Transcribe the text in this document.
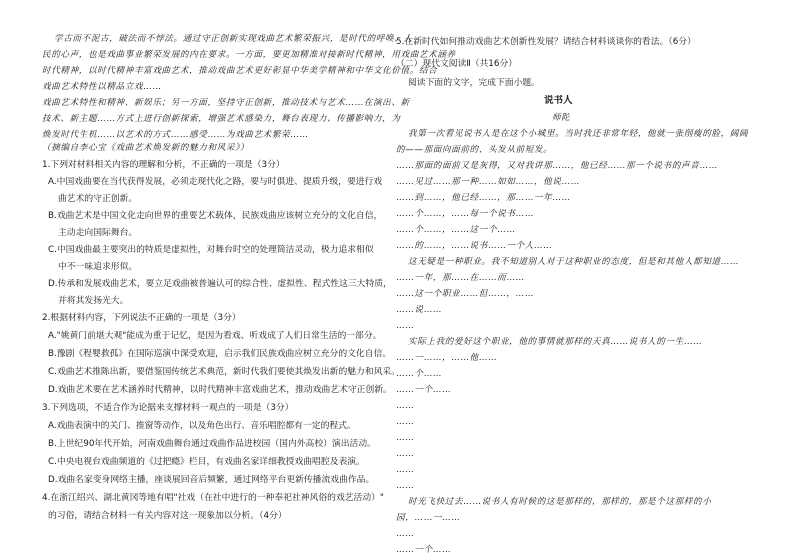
学古而不泥古，破法而不悖法。通过守正创新实现戏曲艺术繁荣振兴，是时代的呼唤、人
民的心声，也是戏曲事业繁荣发展的内在要求。一方面，要更加精准对接新时代精神，用戏曲艺术涵养
时代精神，以时代精神丰富戏曲艺术，推动戏曲艺术更好彰显中华美学精神和中华文化价值。结合
戏曲艺术特性以精品立戏……
戏曲艺术特性和精神、新娱乐；另一方面，坚持守正创新，推动技术与艺术……在演出、新
技术、新主题……方式上进行创新探索，增强艺术感染力，舞台表现力、传播影响力，为
焕发时代生机……以艺术的方式……感受……为戏曲艺术繁荣……
（摘编自李心宝《戏曲艺术焕发新的魅力和风采》）
1.下列对材料相关内容的理解和分析，不正确的一项是（3分）
A.中国戏曲要在当代获得发展，必须走现代化之路，要与时俱进、提质升级，要进行戏
曲艺术的守正创新。
B.戏曲艺术是中国文化走向世界的重要艺术载体，民族戏曲应该树立充分的文化自信，
主动走向国际舞台。
C.中国戏曲最主要突出的特质是虚拟性，对舞台时空的处理简洁灵动，极力追求相似
中不一味追求形似。
D.传承和发展戏曲艺术，要立足戏曲被普遍认可的综合性、虚拟性、程式性这三大特质，
并将其发扬光大。
2.根据材料内容，下列说法不正确的一项是（3分）
A."姚黄门前堪大观"能成为重于记忆，是因为看戏、听戏成了人们日常生活的一部分。
B.豫剧《程婴救孤》在国际巡演中深受欢迎，启示我们民族戏曲应树立充分的文化自信。
C.戏曲艺术推陈出新，要借鉴国传统艺术典范，新时代我们要使其焕发出新的魅力和风采。
D.戏曲艺术要在艺术涵养时代精神，以时代精神丰富戏曲艺术，推动戏曲艺术守正创新。
3.下列选项，不适合作为论据来支撑材料一观点的一项是（3分）
A.戏曲表演中的关门、推窗等动作，以及角色出行、音乐唱腔都有一定的程式。
B.上世纪90年代开始，河南戏曲舞台通过戏曲作品进校园（国内外高校）演出活动。
C.中央电视台戏曲频道的《过把瘾》栏目，有戏曲名家详细教授戏曲唱腔及表演。
D.戏曲名家变身网络主播，座谈展回音后频繁，通过网络平台更新传播流戏曲作品。
4.在浙江绍兴、湖北黄冈等地有唱"社戏（在社中进行的一种奉祀社神风俗的戏艺活动）"
的习俗，请结合材料一有关内容对这一现象加以分析。（4分）
5.在新时代如何推动戏曲艺术创新性发展？请结合材料谈谈你的看法。（6分）
（二）现代文阅读Ⅱ（共16分）
阅读下面的文字，完成下面小题。
说书人
师陀
我第一次看见说书人是在这个小城里。当时我还非常年轻，他就一张削瘦的脸，阔阔
的——那面向面前的、头发从前短发。
……那面的面前又是灰得，又对我讲那……，他已经……那一个说书的声音……
……见过……那一种……如如……，他说……
……到……，他已经……，那……一年……
……个……，……每一个说书……
……个……，……这一个……
……的……，……说书……一个人……
这无疑是一种职业。我不知道别人对于这种职业的态度，但是和其他人都知道……
……一年，那……在……而……
……这一个职业……但……，……
……说……
……
实际上我的爱好这个职业，他的事情就那样的天真……说书人的一生……
……一……，……他……
……个……
……一个……
……
……
……
……
……
……
时光飞快过去……说书人有时候的这是那样的，那样的，那是个这那样的小
园，……一……
……
……一个……
